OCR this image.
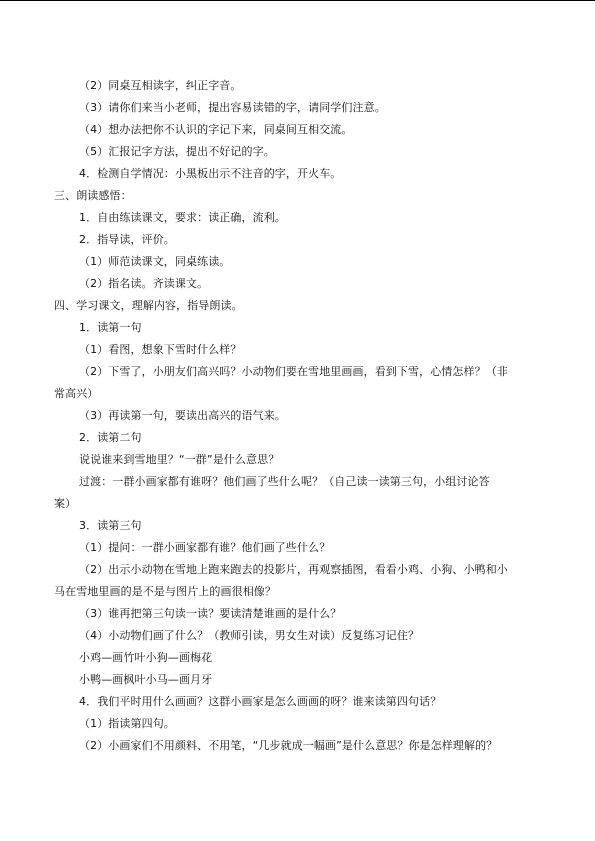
（2）同桌互相读字，纠正字音。
（3）请你们来当小老师，提出容易读错的字，请同学们注意。
（4）想办法把你不认识的字记下来，同桌间互相交流。
（5）汇报记字方法，提出不好记的字。
4．检测自学情况：小黑板出示不注音的字，开火车。
三、朗读感悟：
1．自由练读课文，要求：读正确，流利。
2．指导读，评价。
（1）师范读课文，同桌练读。
（2）指名读。齐读课文。
四、学习课文，理解内容，指导朗读。
1．读第一句
（1）看图，想象下雪时什么样？
（2）下雪了，小朋友们高兴吗？小动物们要在雪地里画画，看到下雪，心情怎样？（非
常高兴）
（3）再读第一句，要读出高兴的语气来。
2．读第二句
说说谁来到雪地里？“一群”是什么意思？
过渡：一群小画家都有谁呀？他们画了些什么呢？（自己读一读第三句，小组讨论答
案）
3．读第三句
（1）提问：一群小画家都有谁？他们画了些什么？
（2）出示小动物在雪地上跑来跑去的投影片，再观察插图，看看小鸡、小狗、小鸭和小
马在雪地里画的是不是与图片上的画很相像？
（3）谁再把第三句读一读？要读清楚谁画的是什么？
（4）小动物们画了什么？（教师引读，男女生对读）反复练习记住？
小鸡—画竹叶小狗—画梅花
小鸭—画枫叶小马—画月牙
4．我们平时用什么画画？这群小画家是怎么画画的呀？谁来读第四句话？
（1）指读第四句。
（2）小画家们不用颜料、不用笔，“几步就成一幅画”是什么意思？你是怎样理解的？
